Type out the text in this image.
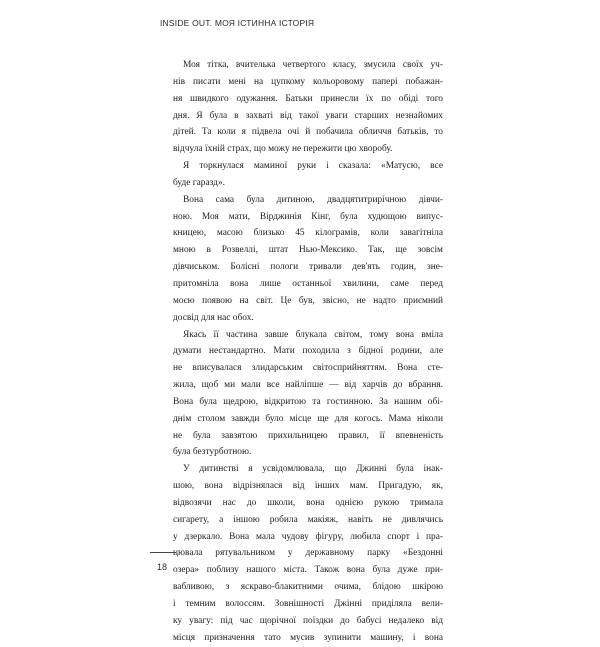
INSIDE OUT. МОЯ ІСТИННА ІСТОРІЯ
Моя тітка, вчителька четвертого класу, змусила своїх уч-
нів писати мені на цупкому кольоровому папері побажан-
ня швидкого одужання. Батьки принесли їх по обіді того
дня. Я була в захваті від такої уваги старших незнайомих
дітей. Та коли я підвела очі й побачила обличчя батьків, то
відчула їхній страх, що можу не пережити цю хворобу.
Я торкнулася маминої руки і сказала: «Матусю, все
буде гаразд».
Вона сама була дитиною, двадцятитрирічною дівчи-
ною. Моя мати, Вірджинія Кінг, була худющою випус-
кницею, масою близько 45 кілограмів, коли завагітніла
мною в Розвеллі, штат Нью-Мексико. Так, ще зовсім
дівчиськом. Болісні пологи тривали дев'ять годин, зне-
притомніла вона лише останньої хвилини, саме перед
моєю появою на світ. Це був, звісно, не надто приємний
досвід для нас обох.
Якась її частина завше блукала світом, тому вона вміла
думати нестандартно. Мати походила з бідної родини, але
не вписувалася злидарським світосприйняттям. Вона сте-
жила, щоб ми мали все найліпше — від харчів до вбрання.
Вона була щедрою, відкритою та гостинною. За нашим обі-
днім столом завжди було місце ще для когось. Мама ніколи
не була завзятою прихильницею правил, її впевненість
була безтурботною.
У дитинстві я усвідомлювала, що Джинні була інак-
шою, вона відрізнялася від інших мам. Пригадую, як,
відвозячи нас до школи, вона однією рукою тримала
сигарету, а іншою робила макіяж, навіть не дивлячись
у дзеркало. Вона мала чудову фігуру, любила спорт і пра-
цювала рятувальником у державному парку «Бездонні
озера» поблизу нашого міста. Також вона була дуже при-
вабливою, з яскраво-блакитними очима, блідою шкірою
і темним волоссям. Зовнішності Джінні приділяла вели-
ку увагу: під час щорічної поїздки до бабусі недалеко від
місця призначення тато мусив зупинити машину, і вона
18
